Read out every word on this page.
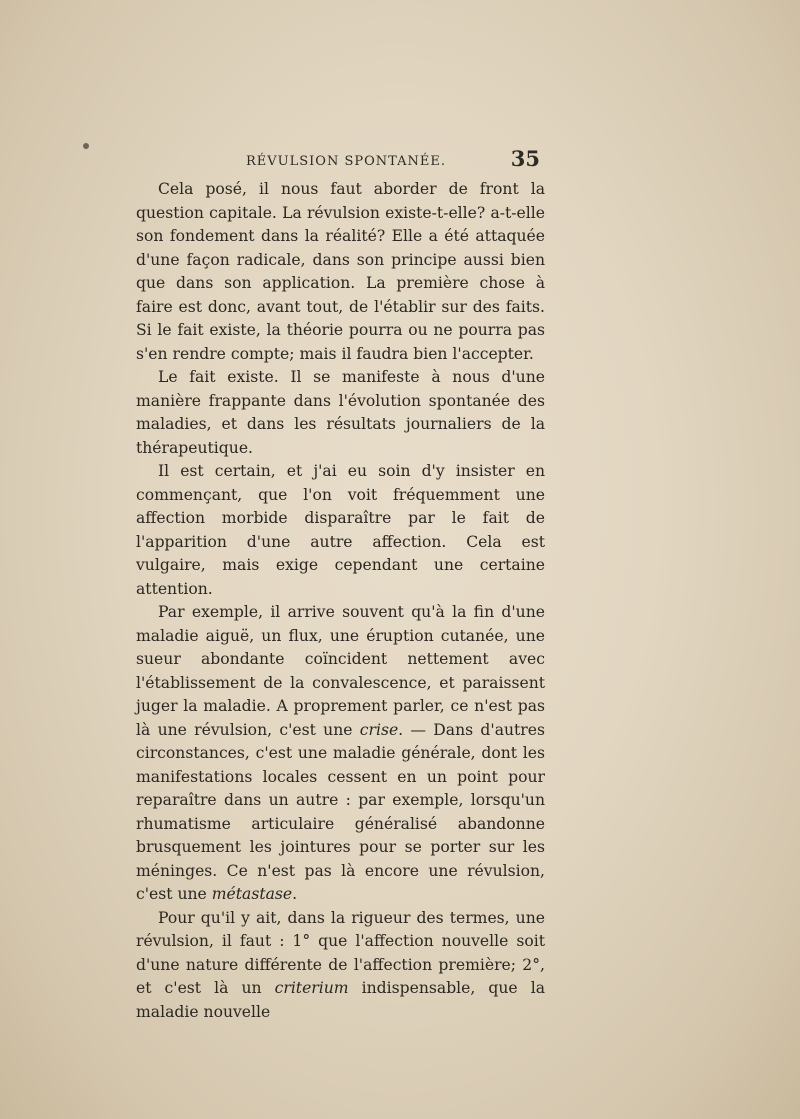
RÉVULSION SPONTANÉE.	35

Cela posé, il nous faut aborder de front la question capitale. La révulsion existe-t-elle? a-t-elle son fondement dans la réalité? Elle a été attaquée d'une façon radicale, dans son principe aussi bien que dans son application. La première chose à faire est donc, avant tout, de l'établir sur des faits. Si le fait existe, la théorie pourra ou ne pourra pas s'en rendre compte; mais il faudra bien l'accepter.

Le fait existe. Il se manifeste à nous d'une manière frappante dans l'évolution spontanée des maladies, et dans les résultats journaliers de la thérapeutique.

Il est certain, et j'ai eu soin d'y insister en commençant, que l'on voit fréquemment une affection morbide disparaître par le fait de l'apparition d'une autre affection. Cela est vulgaire, mais exige cependant une certaine attention.

Par exemple, il arrive souvent qu'à la fin d'une maladie aiguë, un flux, une éruption cutanée, une sueur abondante coïncident nettement avec l'établissement de la convalescence, et paraissent juger la maladie. A proprement parler, ce n'est pas là une révulsion, c'est une crise. — Dans d'autres circonstances, c'est une maladie générale, dont les manifestations locales cessent en un point pour reparaître dans un autre : par exemple, lorsqu'un rhumatisme articulaire généralisé abandonne brusquement les jointures pour se porter sur les méninges. Ce n'est pas là encore une révulsion, c'est une métastase.

Pour qu'il y ait, dans la rigueur des termes, une révulsion, il faut : 1° que l'affection nouvelle soit d'une nature différente de l'affection première; 2°, et c'est là un criterium indispensable, que la maladie nouvelle
